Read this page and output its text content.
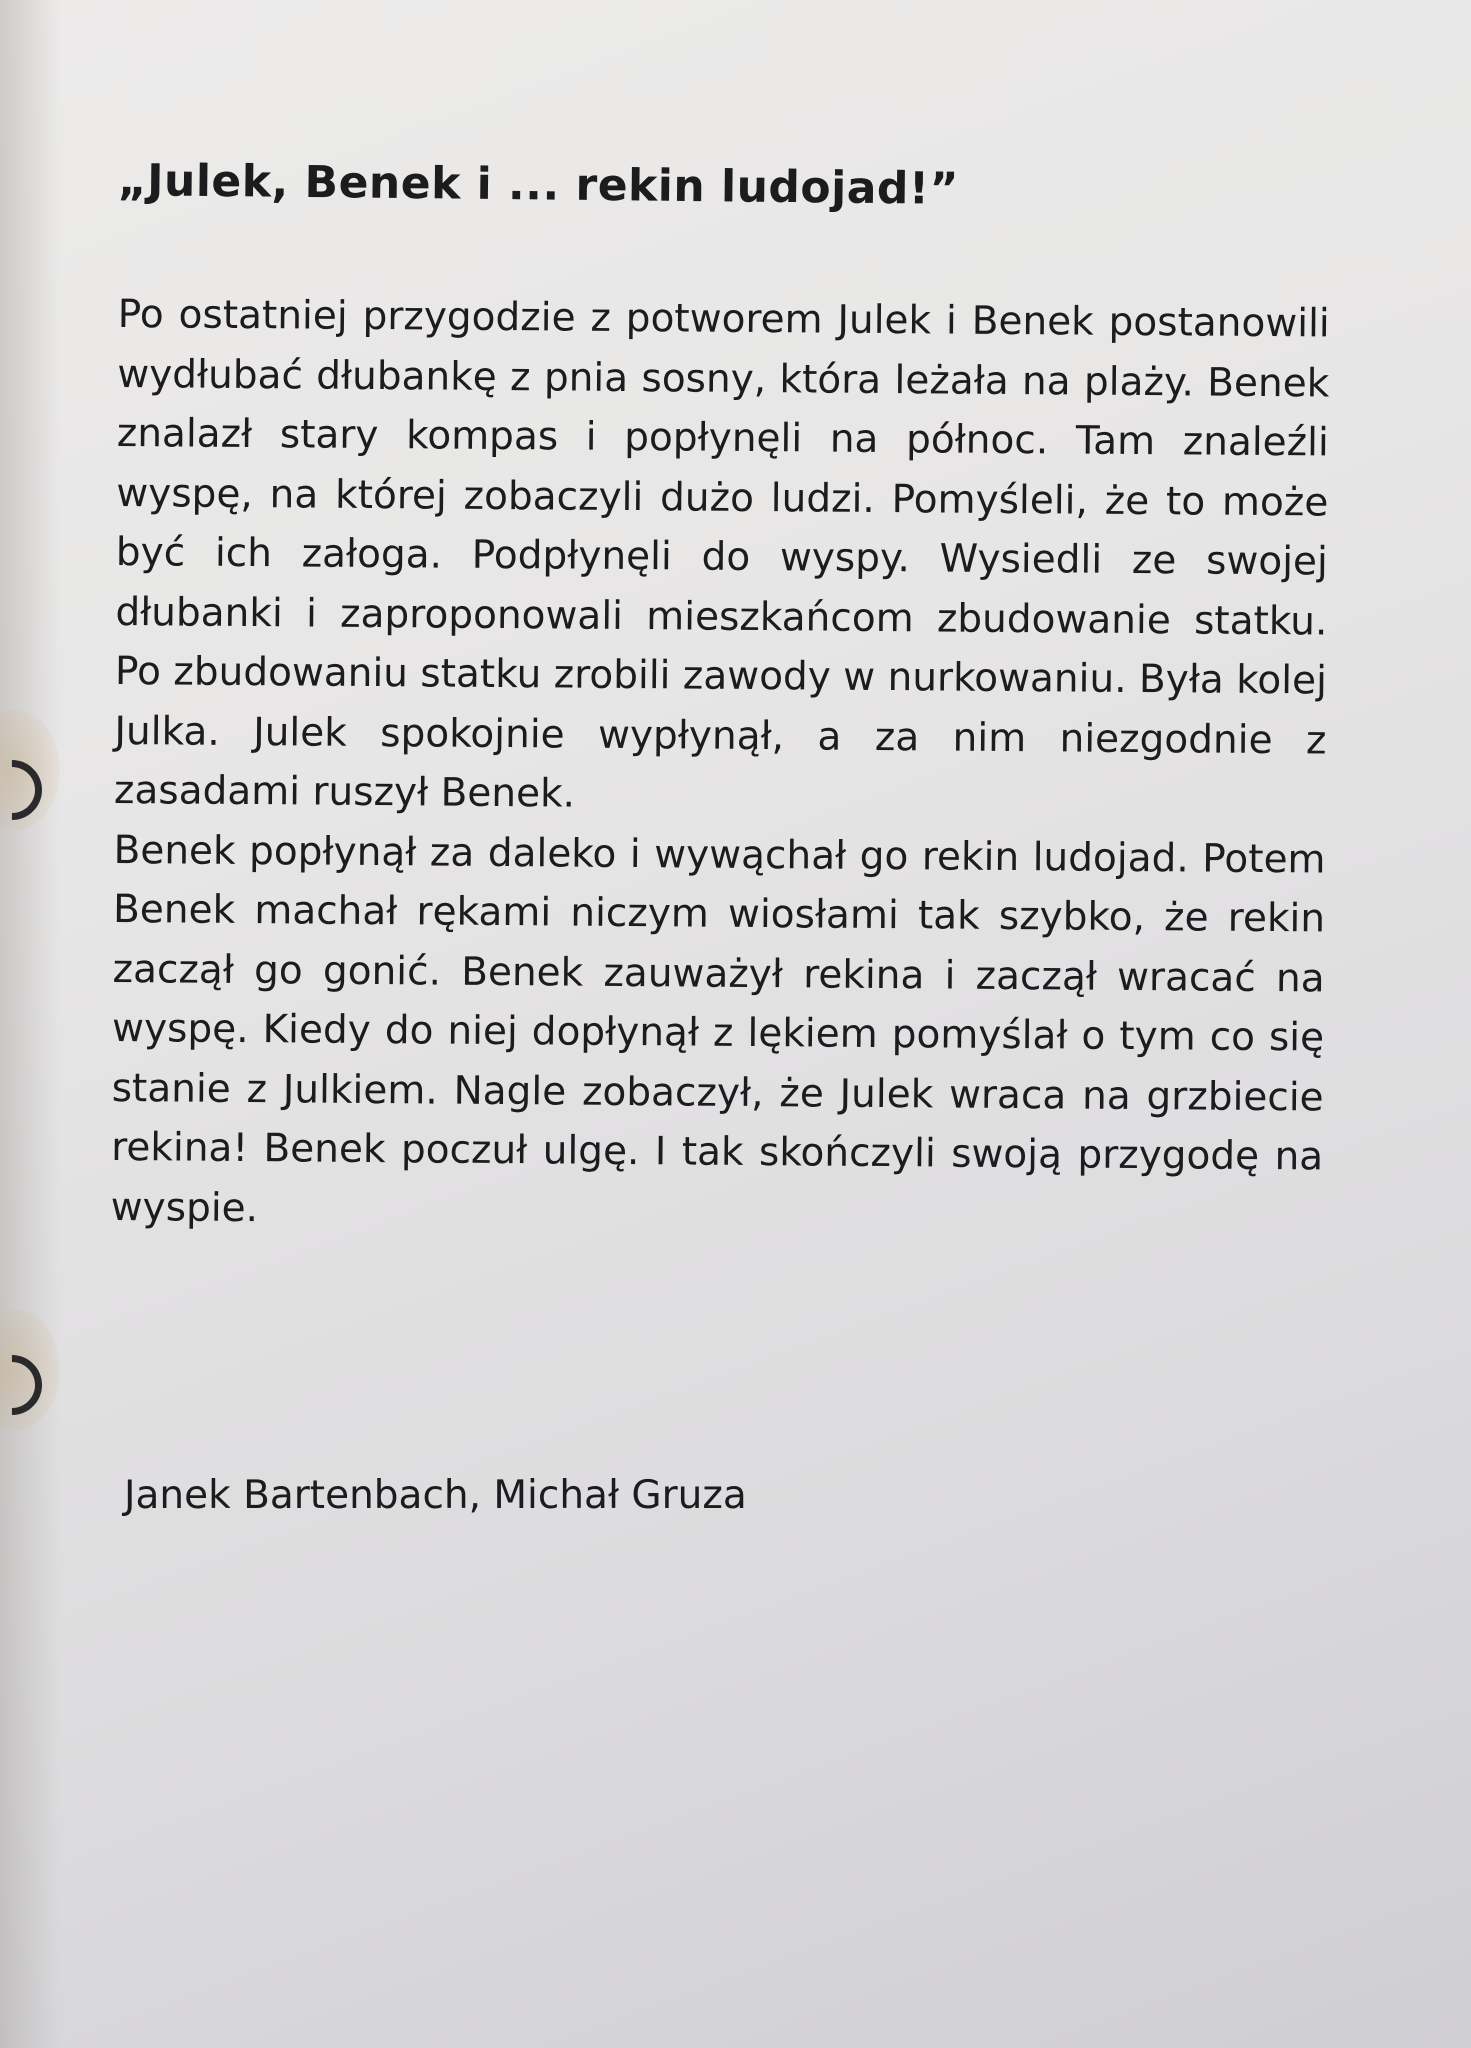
„Julek, Benek i ... rekin ludojad!”

Po ostatniej przygodzie z potworem Julek i Benek postanowili wydłubać dłubankę z pnia sosny, która leżała na plaży. Benek znalazł stary kompas i popłynęli na północ. Tam znaleźli wyspę, na której zobaczyli dużo ludzi. Pomyśleli, że to może być ich załoga. Podpłynęli do wyspy. Wysiedli ze swojej dłubanki i zaproponowali mieszkańcom zbudowanie statku. Po zbudowaniu statku zrobili zawody w nurkowaniu. Była kolej Julka. Julek spokojnie wypłynął, a za nim niezgodnie z zasadami ruszył Benek.

Benek popłynął za daleko i wywąchał go rekin ludojad. Potem Benek machał rękami niczym wiosłami tak szybko, że rekin zaczął go gonić. Benek zauważył rekina i zaczął wracać na wyspę. Kiedy do niej dopłynął z lękiem pomyślał o tym co się stanie z Julkiem. Nagle zobaczył, że Julek wraca na grzbiecie rekina! Benek poczuł ulgę. I tak skończyli swoją przygodę na wyspie.

Janek Bartenbach, Michał Gruza
